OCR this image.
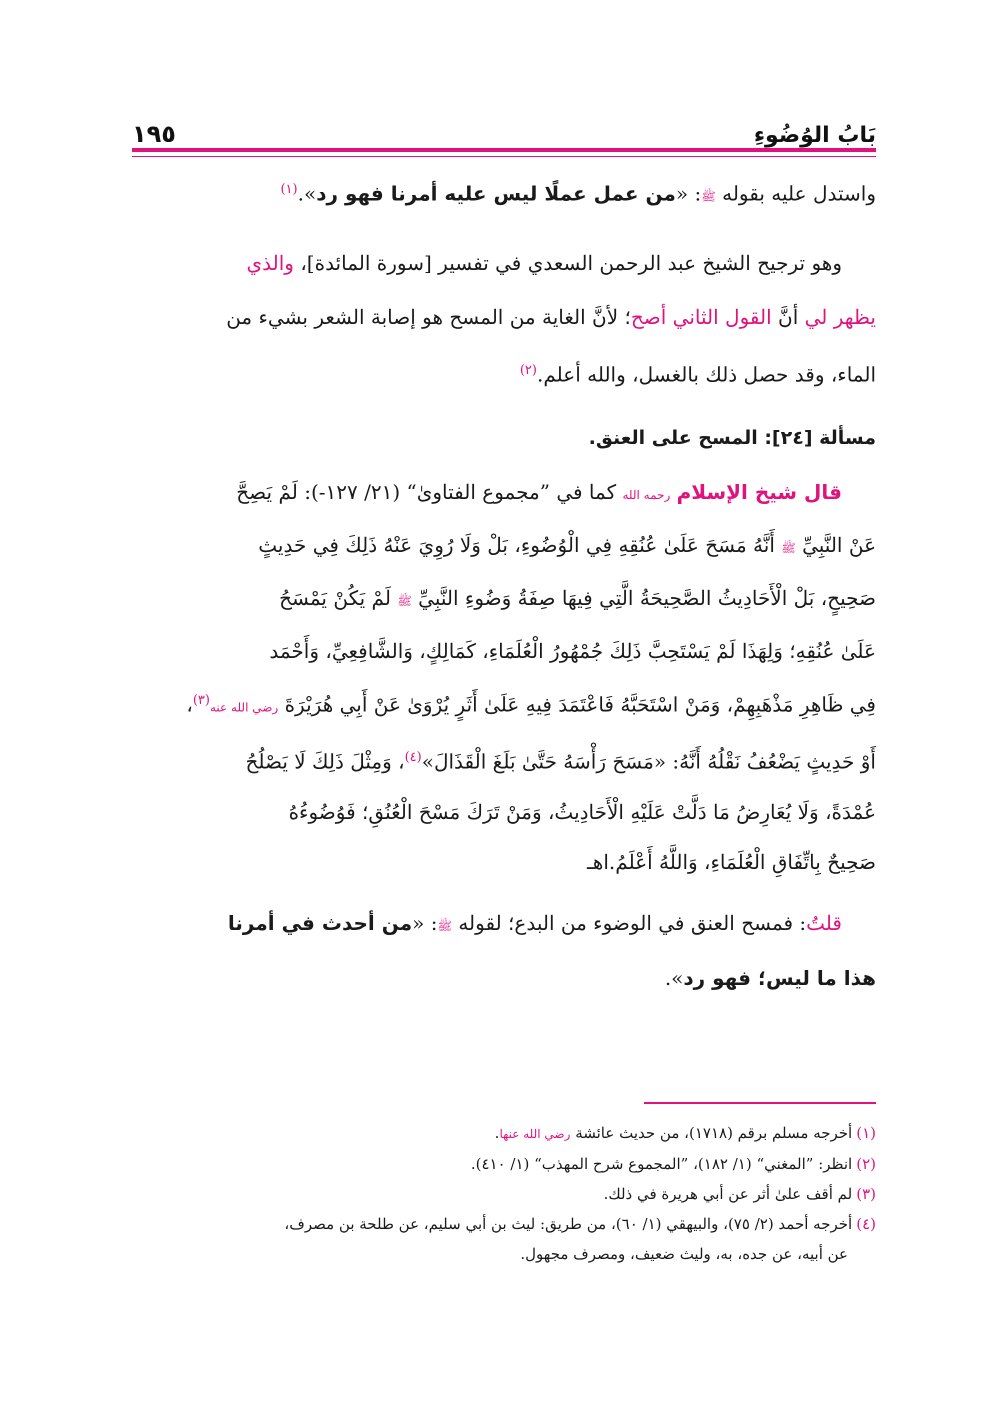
بَابُ الوُضُوءِ
١٩٥

واستدل عليه بقوله ﷺ: «من عمل عملًا ليس عليه أمرنا فهو رد».$^{(١)}$

وهو ترجيح الشيخ عبد الرحمن السعدي في تفسير [سورة المائدة]، والذي
يظهر لي أنَّ القول الثاني أصح؛ لأنَّ الغاية من المسح هو إصابة الشعر بشيء من
الماء، وقد حصل ذلك بالغسل، والله أعلم.$^{(٢)}$

مسألة [٢٤]: المسح على العنق.

قال شيخ الإسلام رحمه الله كما في ”مجموع الفتاوىٰ“ (٢١/ ١٢٧-): لَمْ يَصِحَّ
عَنْ النَّبِيِّ ﷺ أَنَّهُ مَسَحَ عَلَىٰ عُنُقِهِ فِي الْوُضُوءِ، بَلْ وَلَا رُوِيَ عَنْهُ ذَلِكَ فِي حَدِيثٍ
صَحِيحٍ، بَلْ الْأَحَادِيثُ الصَّحِيحَةُ الَّتِي فِيهَا صِفَةُ وَضُوءِ النَّبِيِّ ﷺ لَمْ يَكُنْ يَمْسَحُ
عَلَىٰ عُنُقِهِ؛ وَلِهَذَا لَمْ يَسْتَحِبَّ ذَلِكَ جُمْهُورُ الْعُلَمَاءِ، كَمَالِكٍ، وَالشَّافِعِيِّ، وَأَحْمَد
فِي ظَاهِرِ مَذْهَبِهِمْ، وَمَنْ اسْتَحَبَّهُ فَاعْتَمَدَ فِيهِ عَلَىٰ أَثَرٍ يُرْوَىٰ عَنْ أَبِي هُرَيْرَةَ رضي الله عنه$^{(٣)}$،
أَوْ حَدِيثٍ يَضْعُفُ نَقْلُهُ أَنَّهُ: «مَسَحَ رَأْسَهُ حَتَّىٰ بَلَغَ الْقَذَالَ»$^{(٤)}$، وَمِثْلَ ذَلِكَ لَا يَصْلُحُ
عُمْدَةً، وَلَا يُعَارِضُ مَا دَلَّتْ عَلَيْهِ الْأَحَادِيثُ، وَمَنْ تَرَكَ مَسْحَ الْعُنُقِ؛ فَوُضُوءُهُ
صَحِيحٌ بِاتِّفَاقِ الْعُلَمَاءِ، وَاللَّهُ أَعْلَمُ.اهـ

قلتُ: فمسح العنق في الوضوء من البدع؛ لقوله ﷺ: «من أحدث في أمرنا
هذا ما ليس؛ فهو رد».

(١)أخرجه مسلم برقم (١٧١٨)، من حديث عائشة رضي الله عنها.
(٢)انظر: ”المغني“ (١/ ١٨٢)، ”المجموع شرح المهذب“ (١/ ٤١٠).
(٣)لم أقف علىٰ أثر عن أبي هريرة في ذلك.
(٤)أخرجه أحمد (٢/ ٧٥)، والبيهقي (١/ ٦٠)، من طريق: ليث بن أبي سليم، عن طلحة بن مصرف،
عن أبيه، عن جده، به، وليث ضعيف، ومصرف مجهول.
